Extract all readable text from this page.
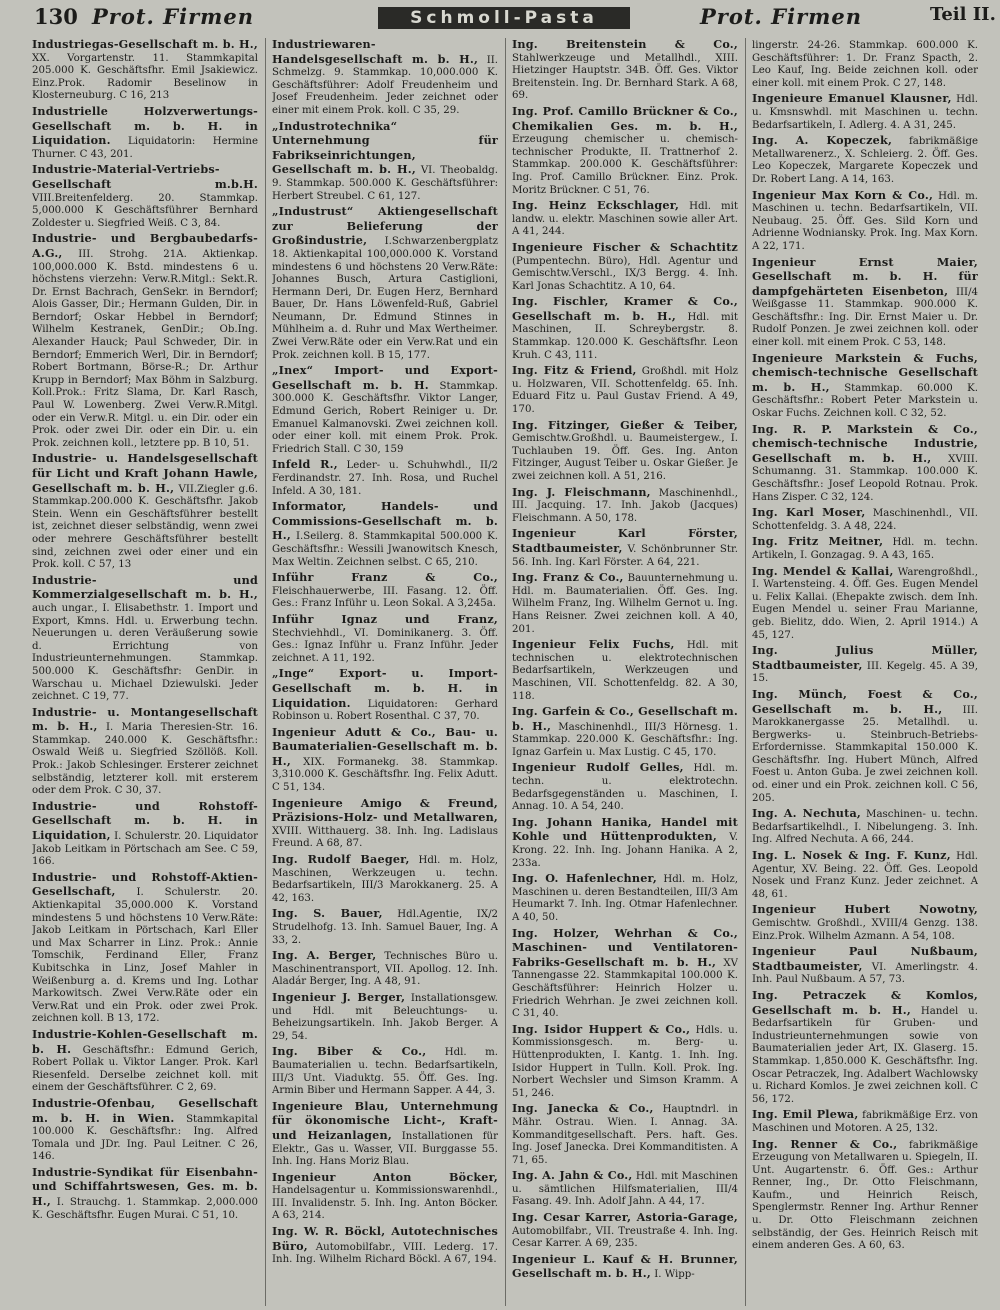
130 Prot. Firmen	Schmoll-Pasta	Prot. Firmen	Teil II.

Industriegas-Gesellschaft m. b. H., XX. Vorgartenstr. 11. Stammkapital 205.000 K. Geschäftsfhr. Emil Jsakiewicz. Einz.Prok. Radomir Beselinow in Klosterneuburg. C 16, 213

Industrielle Holzverwertungs-Gesellschaft m. b. H. in Liquidation. Liquidatorin: Hermine Thurner. C 43, 201.

Industrie-Material-Vertriebs-Gesellschaft m.b.H. VIII.Breitenfelderg. 20. Stammkap. 5,000.000 K Geschäftsführer Bernhard Zoldester u. Siegfried Weiß. C 3, 84.

Industrie- und Bergbaubedarfs-A.G., III. Strohg. 21A. Aktienkap. 100,000.000 K. Bstd. mindestens 6 u. höchstens vierzehn: Verw.R.Mitgl.: Sekt.R. Dr. Ernst Bachrach, GenSekr. in Berndorf; Alois Gasser, Dir.; Hermann Gulden, Dir. in Berndorf; Oskar Hebbel in Berndorf; Wilhelm Kestranek, GenDir.; Ob.Ing. Alexander Hauck; Paul Schweder, Dir. in Berndorf; Emmerich Werl, Dir. in Berndorf; Robert Bortmann, Börse-R.; Dr. Arthur Krupp in Berndorf; Max Böhm in Salzburg. Koll.Prok.: Fritz Slama, Dr. Karl Rasch, Paul W. Lowenberg. Zwei Verw.R.Mitgl. oder ein Verw.R. Mitgl. u. ein Dir. oder ein Prok. oder zwei Dir. oder ein Dir. u. ein Prok. zeichnen koll., letztere pp. B 10, 51.

Industrie- u. Handelsgesellschaft für Licht und Kraft Johann Hawle, Gesellschaft m. b. H., VII.Ziegler g.6. Stammkap.200.000 K. Geschäftsfhr. Jakob Stein. Wenn ein Geschäftsführer bestellt ist, zeichnet dieser selbständig, wenn zwei oder mehrere Geschäftsführer bestellt sind, zeichnen zwei oder einer und ein Prok. koll. C 57, 13

Industrie- und Kommerzialgesellschaft m. b. H., auch ungar., I. Elisabethstr. 1. Import und Export, Kmns. Hdl. u. Erwerbung techn. Neuerungen u. deren Veräußerung sowie d. Errichtung von Industrieunternehmungen. Stammkap. 500.000 K. Geschäftsfhr: GenDir. in Warschau u. Michael Dziewulski. Jeder zeichnet. C 19, 77.

Industrie- u. Montangesellschaft m. b. H., I. Maria Theresien-Str. 16. Stammkap. 240.000 K. Geschäftsfhr.: Oswald Weiß u. Siegfried Szöllöß. Koll. Prok.: Jakob Schlesinger. Ersterer zeichnet selbständig, letzterer koll. mit ersterem oder dem Prok. C 30, 37.

Industrie- und Rohstoff-Gesellschaft m. b. H. in Liquidation, I. Schulerstr. 20. Liquidator Jakob Leitkam in Pörtschach am See. C 59, 166.

Industrie- und Rohstoff-Aktien-Gesellschaft, I. Schulerstr. 20. Aktienkapital 35,000.000 K. Vorstand mindestens 5 und höchstens 10 Verw.Räte: Jakob Leitkam in Pörtschach, Karl Eller und Max Scharrer in Linz. Prok.: Annie Tomschik, Ferdinand Eller, Franz Kubitschka in Linz, Josef Mahler in Weißenburg a. d. Krems und Ing. Lothar Markowitsch. Zwei Verw.Räte oder ein Verw.Rat und ein Prok. oder zwei Prok. zeichnen koll. B 13, 172.

Industrie-Kohlen-Gesellschaft m. b. H. Geschäftsfhr.: Edmund Gerich, Robert Pollak u. Viktor Langer. Prok. Karl Riesenfeld. Derselbe zeichnet koll. mit einem der Geschäftsführer. C 2, 69.

Industrie-Ofenbau, Gesellschaft m. b. H. in Wien. Stammkapital 100.000 K. Geschäftsfhr.: Ing. Alfred Tomala und JDr. Ing. Paul Leitner. C 26, 146.

Industrie-Syndikat für Eisenbahn- und Schiffahrtswesen, Ges. m. b. H., I. Strauchg. 1. Stammkap. 2,000.000 K. Geschäftsfhr. Eugen Murai. C 51, 10.

Industriewaren-Handelsgesellschaft m. b. H., II. Schmelzg. 9. Stammkap. 10,000.000 K. Geschäftsführer: Adolf Freudenheim und Josef Freudenheim. Jeder zeichnet oder einer mit einem Prok. koll. C 35, 29.

„Industrotechnika“ Unternehmung für Fabrikseinrichtungen, Gesellschaft m. b. H., VI. Theobaldg. 9. Stammkap. 500.000 K. Geschäftsführer: Herbert Streubel. C 61, 127.

„Industrust“ Aktiengesellschaft zur Belieferung der Großindustrie, I.Schwarzenbergplatz 18. Aktienkapital 100,000.000 K. Vorstand mindestens 6 und höchstens 20 Verw.Räte: Johannes Busch, Artura Castiglioni, Hermann Deri, Dr. Eugen Herz, Bernhard Bauer, Dr. Hans Löwenfeld-Ruß, Gabriel Neumann, Dr. Edmund Stinnes in Mühlheim a. d. Ruhr und Max Wertheimer. Zwei Verw.Räte oder ein Verw.Rat und ein Prok. zeichnen koll. B 15, 177.

„Inex“ Import- und Export-Gesellschaft m. b. H. Stammkap. 300.000 K. Geschäftsfhr. Viktor Langer, Edmund Gerich, Robert Reiniger u. Dr. Emanuel Kalmanovski. Zwei zeichnen koll. oder einer koll. mit einem Prok. Prok. Friedrich Stall. C 30, 159

Infeld R., Leder- u. Schuhwhdl., II/2 Ferdinandstr. 27. Inh. Rosa, und Ruchel Infeld. A 30, 181.

Informator, Handels- und Commissions-Gesellschaft m. b. H., I.Seilerg. 8. Stammkapital 500.000 K. Geschäftsfhr.: Wessili Jwanowitsch Knesch, Max Weltin. Zeichnen selbst. C 65, 210.

Inführ Franz & Co., Fleischhauerwerbe, III. Fasang. 12. Öff. Ges.: Franz Inführ u. Leon Sokal. A 3,245a.

Inführ Ignaz und Franz, Stechviehhdl., VI. Dominikanerg. 3. Öff. Ges.: Ignaz Inführ u. Franz Inführ. Jeder zeichnet. A 11, 192.

„Inge“ Export- u. Import-Gesellschaft m. b. H. in Liquidation. Liquidatoren: Gerhard Robinson u. Robert Rosenthal. C 37, 70.

Ingenieur Adutt & Co., Bau- u. Baumaterialien-Gesellschaft m. b. H., XIX. Formanekg. 38. Stammkap. 3,310.000 K. Geschäftsfhr. Ing. Felix Adutt. C 51, 134.

Ingenieure Amigo & Freund, Präzisions-Holz- und Metallwaren, XVIII. Witthauerg. 38. Inh. Ing. Ladislaus Freund. A 68, 87.

Ing. Rudolf Baeger, Hdl. m. Holz, Maschinen, Werkzeugen u. techn. Bedarfsartikeln, III/3 Marokkanerg. 25. A 42, 163.

Ing. S. Bauer, Hdl.Agentie, IX/2 Strudelhofg. 13. Inh. Samuel Bauer, Ing. A 33, 2.

Ing. A. Berger, Technisches Büro u. Maschinentransport, VII. Apollog. 12. Inh. Aladár Berger, Ing. A 48, 91.

Ingenieur J. Berger, Installationsgew. und Hdl. mit Beleuchtungs- u. Beheizungsartikeln. Inh. Jakob Berger. A 29, 54.

Ing. Biber & Co., Hdl. m. Baumaterialien u. techn. Bedarfsartikeln, III/3 Unt. Viaduktg. 55. Öff. Ges. Ing. Armin Biber und Hermann Sapper. A 44, 3.

Ingenieure Blau, Unternehmung für ökonomische Licht-, Kraft- und Heizanlagen, Installationen für Elektr., Gas u. Wasser, VII. Burggasse 55. Inh. Ing. Hans Moriz Blau.

Ingenieur Anton Böcker, Handelsagentur u. Kommissionswarenhdl., III. Invalidenstr. 5. Inh. Ing. Anton Böcker. A 63, 214.

Ing. W. R. Böckl, Autotechnisches Büro, Automobilfabr., VIII. Lederg. 17. Inh. Ing. Wilhelm Richard Böckl. A 67, 194.

Ing. Breitenstein & Co., Stahlwerkzeuge und Metallhdl., XIII. Hietzinger Hauptstr. 34B. Öff. Ges. Viktor Breitenstein. Ing. Dr. Bernhard Stark. A 68, 69.

Ing. Prof. Camillo Brückner & Co., Chemikalien Ges. m. b. H., Erzeugung chemischer u. chemisch-technischer Produkte, II. Trattnerhof 2. Stammkap. 200.000 K. Geschäftsführer: Ing. Prof. Camillo Brückner. Einz. Prok. Moritz Brückner. C 51, 76.

Ing. Heinz Eckschlager, Hdl. mit landw. u. elektr. Maschinen sowie aller Art. A 41, 244.

Ingenieure Fischer & Schachtitz (Pumpentechn. Büro), Hdl. Agentur und Gemischtw.Verschl., IX/3 Bergg. 4. Inh. Karl Jonas Schachtitz. A 10, 64.

Ing. Fischler, Kramer & Co., Gesellschaft m. b. H., Hdl. mit Maschinen, II. Schreybergstr. 8. Stammkap. 120.000 K. Geschäftsfhr. Leon Kruh. C 43, 111.

Ing. Fitz & Friend, Großhdl. mit Holz u. Holzwaren, VII. Schottenfeldg. 65. Inh. Eduard Fitz u. Paul Gustav Friend. A 49, 170.

Ing. Fitzinger, Gießer & Teiber, Gemischtw.Großhdl. u. Baumeistergew., I. Tuchlauben 19. Öff. Ges. Ing. Anton Fitzinger, August Teiber u. Oskar Gießer. Je zwei zeichnen koll. A 51, 216.

Ing. J. Fleischmann, Maschinenhdl., III. Jacquing. 17. Inh. Jakob (Jacques) Fleischmann. A 50, 178.

Ingenieur Karl Förster, Stadtbaumeister, V. Schönbrunner Str. 56. Inh. Ing. Karl Förster. A 64, 221.

Ing. Franz & Co., Bauunternehmung u. Hdl. m. Baumaterialien. Öff. Ges. Ing. Wilhelm Franz, Ing. Wilhelm Gernot u. Ing. Hans Reisner. Zwei zeichnen koll. A 40, 201.

Ingenieur Felix Fuchs, Hdl. mit technischen u. elektrotechnischen Bedarfsartikeln, Werkzeugen und Maschinen, VII. Schottenfeldg. 82. A 30, 118.

Ing. Garfein & Co., Gesellschaft m. b. H., Maschinenhdl., III/3 Hörnesg. 1. Stammkap. 220.000 K. Geschäftsfhr.: Ing. Ignaz Garfein u. Max Lustig. C 45, 170.

Ingenieur Rudolf Gelles, Hdl. m. techn. u. elektrotechn. Bedarfsgegenständen u. Maschinen, I. Annag. 10. A 54, 240.

Ing. Johann Hanika, Handel mit Kohle und Hüttenprodukten, V. Krong. 22. Inh. Ing. Johann Hanika. A 2, 233a.

Ing. O. Hafenlechner, Hdl. m. Holz, Maschinen u. deren Bestandteilen, III/3 Am Heumarkt 7. Inh. Ing. Otmar Hafenlechner. A 40, 50.

Ing. Holzer, Wehrhan & Co., Maschinen- und Ventilatoren-Fabriks-Gesellschaft m. b. H., XV Tannengasse 22. Stammkapital 100.000 K. Geschäftsführer: Heinrich Holzer u. Friedrich Wehrhan. Je zwei zeichnen koll. C 31, 40.

Ing. Isidor Huppert & Co., Hdls. u. Kommissionsgesch. m. Berg- u. Hüttenprodukten, I. Kantg. 1. Inh. Ing. Isidor Huppert in Tulln. Koll. Prok. Ing. Norbert Wechsler und Simson Kramm. A 51, 246.

Ing. Janecka & Co., Hauptndrl. in Mähr. Ostrau. Wien. I. Annag. 3A. Kommanditgesellschaft. Pers. haft. Ges. Ing. Josef Janecka. Drei Kommanditisten. A 71, 65.

Ing. A. Jahn & Co., Hdl. mit Maschinen u. sämtlichen Hilfsmaterialien, III/4 Fasang. 49. Inh. Adolf Jahn. A 44, 17.

Ing. Cesar Karrer, Astoria-Garage, Automobilfabr., VII. Treustraße 4. Inh. Ing. Cesar Karrer. A 69, 235.

Ingenieur L. Kauf & H. Brunner, Gesellschaft m. b. H., I. Wipp-

lingerstr. 24-26. Stammkap. 600.000 K. Geschäftsführer: 1. Dr. Franz Spacth, 2. Leo Kauf, Ing. Beide zeichnen koll. oder einer koll. mit einem Prok. C 27, 148.

Ingenieure Emanuel Klausner, Hdl. u. Kmsnswhdl. mit Maschinen u. techn. Bedarfsartikeln, I. Adlerg. 4. A 31, 245.

Ing. A. Kopeczek, fabrikmäßige Metallwarenerz., X. Schleierg. 2. Öff. Ges. Leo Kopeczek, Margarete Kopeczek und Dr. Robert Lang. A 14, 163.

Ingenieur Max Korn & Co., Hdl. m. Maschinen u. techn. Bedarfsartikeln, VII. Neubaug. 25. Öff. Ges. Sild Korn und Adrienne Wodniansky. Prok. Ing. Max Korn. A 22, 171.

Ingenieur Ernst Maier, Gesellschaft m. b. H. für dampfgehärteten Eisenbeton, III/4 Weißgasse 11. Stammkap. 900.000 K. Geschäftsfhr.: Ing. Dir. Ernst Maier u. Dr. Rudolf Ponzen. Je zwei zeichnen koll. oder einer koll. mit einem Prok. C 53, 148.

Ingenieure Markstein & Fuchs, chemisch-technische Gesellschaft m. b. H., Stammkap. 60.000 K. Geschäftsfhr.: Robert Peter Markstein u. Oskar Fuchs. Zeichnen koll. C 32, 52.

Ing. R. P. Markstein & Co., chemisch-technische Industrie, Gesellschaft m. b. H., XVIII. Schumanng. 31. Stammkap. 100.000 K. Geschäftsfhr.: Josef Leopold Rotnau. Prok. Hans Zisper. C 32, 124.

Ing. Karl Moser, Maschinenhdl., VII. Schottenfeldg. 3. A 48, 224.

Ing. Fritz Meitner, Hdl. m. techn. Artikeln, I. Gonzagag. 9. A 43, 165.

Ing. Mendel & Kallai, Warengroßhdl., I. Wartensteing. 4. Öff. Ges. Eugen Mendel u. Felix Kallai. (Ehepakte zwisch. dem Inh. Eugen Mendel u. seiner Frau Marianne, geb. Bielitz, ddo. Wien, 2. April 1914.) A 45, 127.

Ing. Julius Müller, Stadtbaumeister, III. Kegelg. 45. A 39, 15.

Ing. Münch, Foest & Co., Gesellschaft m. b. H., III. Marokkanergasse 25. Metallhdl. u. Bergwerks- u. Steinbruch-Betriebs-Erfordernisse. Stammkapital 150.000 K. Geschäftsfhr. Ing. Hubert Münch, Alfred Foest u. Anton Guba. Je zwei zeichnen koll. od. einer und ein Prok. zeichnen koll. C 56, 205.

Ing. A. Nechuta, Maschinen- u. techn. Bedarfsartikelhdl., I. Nibelungeng. 3. Inh. Ing. Alfred Nechuta. A 66, 244.

Ing. L. Nosek & Ing. F. Kunz, Hdl. Agentur, XV. Being. 22. Öff. Ges. Leopold Nosek und Franz Kunz. Jeder zeichnet. A 48, 61.

Ingenieur Hubert Nowotny, Gemischtw. Großhdl., XVIII/4 Genzg. 138. Einz.Prok. Wilhelm Azmann. A 54, 108.

Ingenieur Paul Nußbaum, Stadtbaumeister, VI. Amerlingstr. 4. Inh. Paul Nußbaum. A 57, 73.

Ing. Petraczek & Komlos, Gesellschaft m. b. H., Handel u. Bedarfsartikeln für Gruben- und Industrieunternehmungen sowie von Baumaterialien jeder Art, IX. Glaserg. 15. Stammkap. 1,850.000 K. Geschäftsfhr. Ing. Oscar Petraczek, Ing. Adalbert Wachlowsky u. Richard Komlos. Je zwei zeichnen koll. C 56, 172.

Ing. Emil Plewa, fabrikmäßige Erz. von Maschinen und Motoren. A 25, 132.

Ing. Renner & Co., fabrikmäßige Erzeugung von Metallwaren u. Spiegeln, II. Unt. Augartenstr. 6. Öff. Ges.: Arthur Renner, Ing., Dr. Otto Fleischmann, Kaufm., und Heinrich Reisch, Spenglermstr. Renner Ing. Arthur Renner u. Dr. Otto Fleischmann zeichnen selbständig, der Ges. Heinrich Reisch mit einem anderen Ges. A 60, 63.
